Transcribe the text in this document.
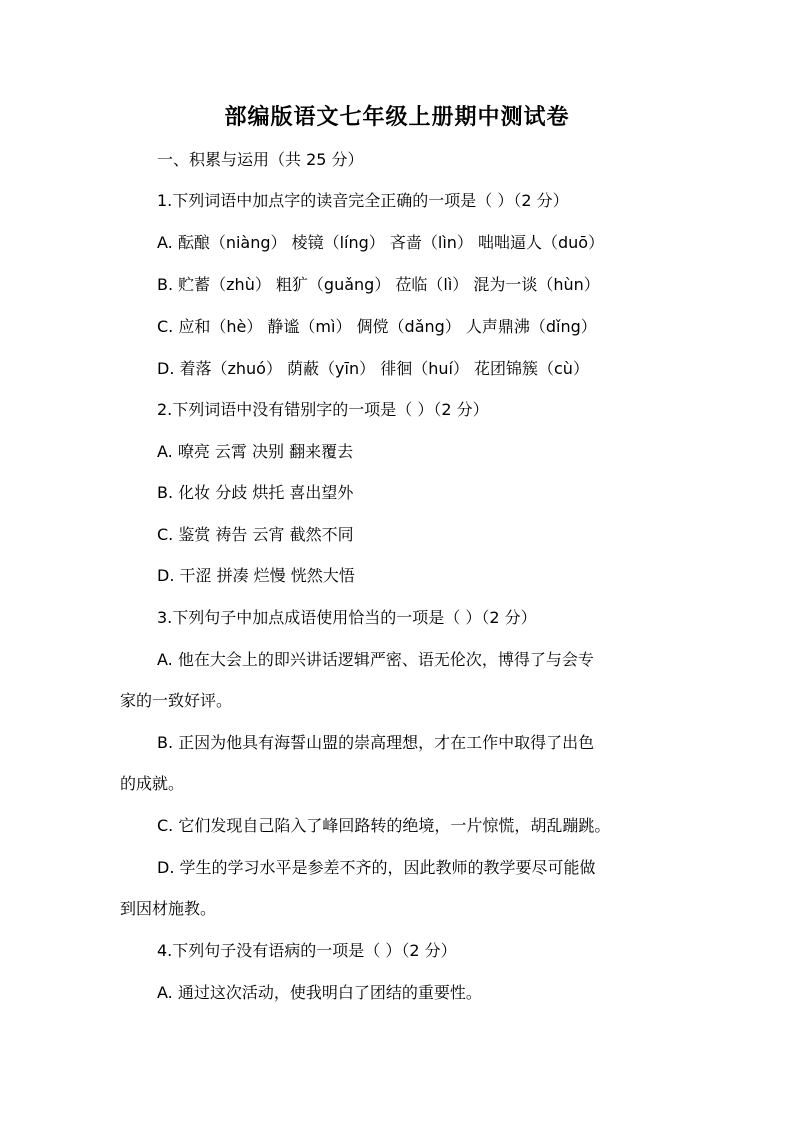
部编版语文七年级上册期中测试卷
一、积累与运用（共 25 分）
1.下列词语中加点字的读音完全正确的一项是（ ）（2 分）
A. 酝酿（niàng） 棱镜（líng） 吝啬（lìn） 咄咄逼人（duō）
B. 贮蓄（zhù） 粗犷（guǎng） 莅临（lì） 混为一谈（hùn）
C. 应和（hè） 静谧（mì） 倜傥（dǎng） 人声鼎沸（dǐng）
D. 着落（zhuó） 荫蔽（yīn） 徘徊（huí） 花团锦簇（cù）
2.下列词语中没有错别字的一项是（ ）（2 分）
A. 嘹亮 云霄 决别 翻来覆去
B. 化妆 分歧 烘托 喜出望外
C. 鉴赏 祷告 云宵 截然不同
D. 干涩 拼凑 烂慢 恍然大悟
3.下列句子中加点成语使用恰当的一项是（ ）（2 分）
A. 他在大会上的即兴讲话逻辑严密、语无伦次，博得了与会专
家的一致好评。
B. 正因为他具有海誓山盟的崇高理想，才在工作中取得了出色
的成就。
C. 它们发现自己陷入了峰回路转的绝境，一片惊慌，胡乱蹦跳。
D. 学生的学习水平是参差不齐的，因此教师的教学要尽可能做
到因材施教。
4.下列句子没有语病的一项是（ ）（2 分）
A. 通过这次活动，使我明白了团结的重要性。
